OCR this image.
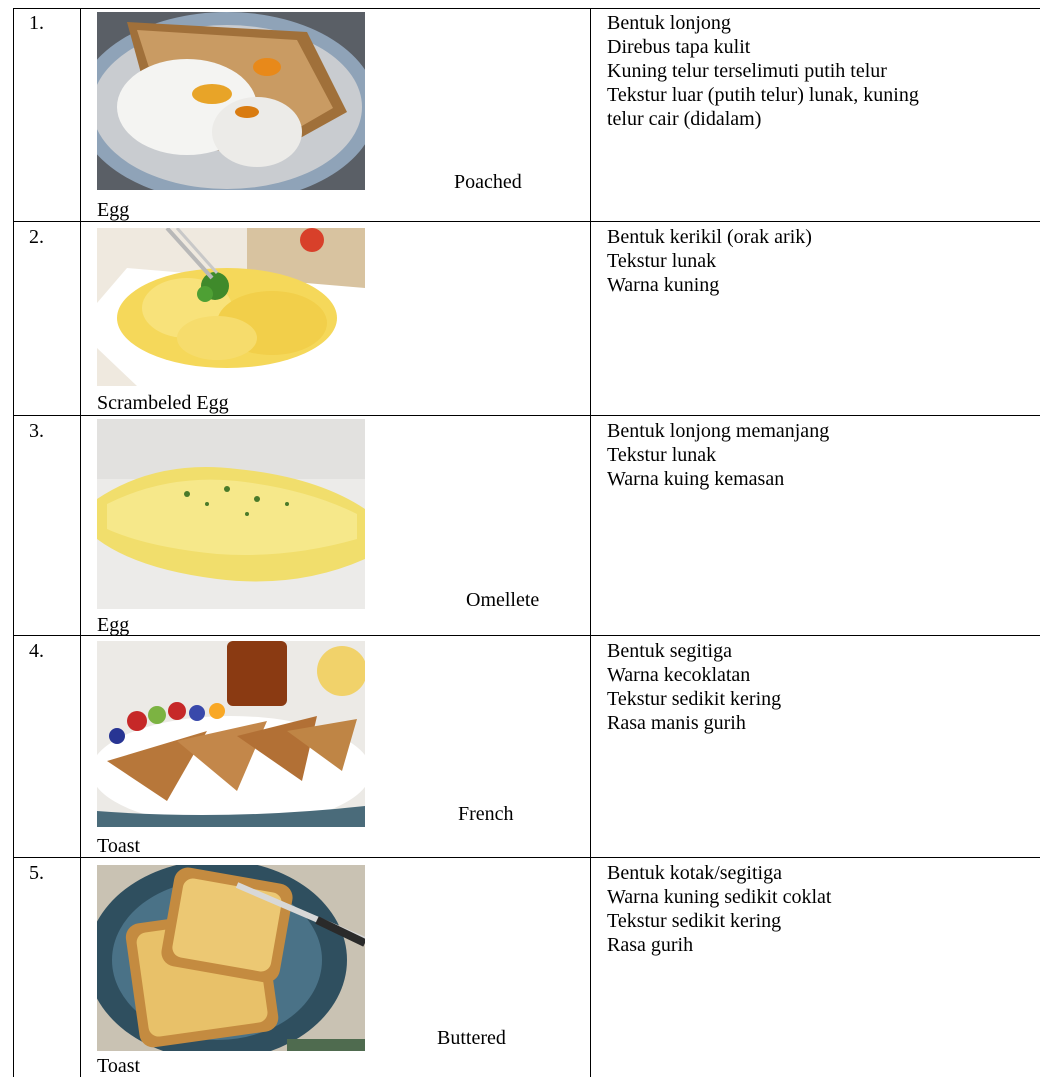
1.
Poached
Egg
Bentuk lonjong
Direbus tapa kulit
Kuning telur terselimuti putih telur
Tekstur luar (putih telur) lunak, kuning
telur cair (didalam)
2.
Scrambeled Egg
Bentuk kerikil (orak arik)
Tekstur lunak
Warna kuning
3.
Omellete
Egg
Bentuk lonjong memanjang
Tekstur lunak
Warna kuing kemasan
4.
French
Toast
Bentuk segitiga
Warna kecoklatan
Tekstur sedikit kering
Rasa manis gurih
5.
Buttered
Toast
Bentuk kotak/segitiga
Warna kuning sedikit coklat
Tekstur sedikit kering
Rasa gurih
